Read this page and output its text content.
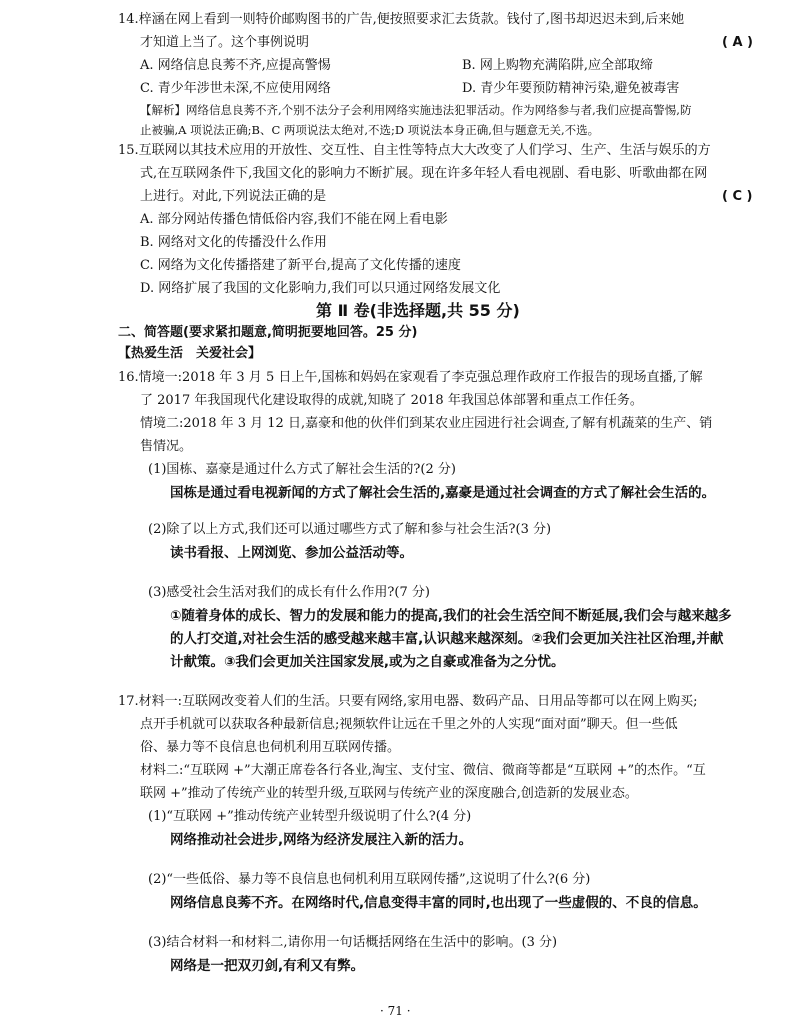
14.梓涵在网上看到一则特价邮购图书的广告,便按照要求汇去货款。钱付了,图书却迟迟未到,后来她
才知道上当了。这个事例说明	( A )
A. 网络信息良莠不齐,应提高警惕	B. 网上购物充满陷阱,应全部取缔
C. 青少年涉世未深,不应使用网络	D. 青少年要预防精神污染,避免被毒害
【解析】网络信息良莠不齐,个别不法分子会利用网络实施违法犯罪活动。作为网络参与者,我们应提高警惕,防
止被骗,A 项说法正确;B、C 两项说法太绝对,不选;D 项说法本身正确,但与题意无关,不选。
15.互联网以其技术应用的开放性、交互性、自主性等特点大大改变了人们学习、生产、生活与娱乐的方
式,在互联网条件下,我国文化的影响力不断扩展。现在许多年轻人看电视剧、看电影、听歌曲都在网
上进行。对此,下列说法正确的是	( C )
A. 部分网站传播色情低俗内容,我们不能在网上看电影
B. 网络对文化的传播没什么作用
C. 网络为文化传播搭建了新平台,提高了文化传播的速度
D. 网络扩展了我国的文化影响力,我们可以只通过网络发展文化
第 Ⅱ 卷(非选择题,共 55 分)
二、简答题(要求紧扣题意,简明扼要地回答。25 分)
【热爱生活　关爱社会】
16.情境一:2018 年 3 月 5 日上午,国栋和妈妈在家观看了李克强总理作政府工作报告的现场直播,了解
了 2017 年我国现代化建设取得的成就,知晓了 2018 年我国总体部署和重点工作任务。
情境二:2018 年 3 月 12 日,嘉豪和他的伙伴们到某农业庄园进行社会调查,了解有机蔬菜的生产、销
售情况。
(1)国栋、嘉豪是通过什么方式了解社会生活的?(2 分)
国栋是通过看电视新闻的方式了解社会生活的,嘉豪是通过社会调查的方式了解社会生活的。
(2)除了以上方式,我们还可以通过哪些方式了解和参与社会生活?(3 分)
读书看报、上网浏览、参加公益活动等。
(3)感受社会生活对我们的成长有什么作用?(7 分)
①随着身体的成长、智力的发展和能力的提高,我们的社会生活空间不断延展,我们会与越来越多
的人打交道,对社会生活的感受越来越丰富,认识越来越深刻。②我们会更加关注社区治理,并献
计献策。③我们会更加关注国家发展,或为之自豪或准备为之分忧。
17.材料一:互联网改变着人们的生活。只要有网络,家用电器、数码产品、日用品等都可以在网上购买;
点开手机就可以获取各种最新信息;视频软件让远在千里之外的人实现“面对面”聊天。但一些低
俗、暴力等不良信息也伺机利用互联网传播。
材料二:“互联网 +”大潮正席卷各行各业,淘宝、支付宝、微信、微商等都是“互联网 +”的杰作。“互
联网 +”推动了传统产业的转型升级,互联网与传统产业的深度融合,创造新的发展业态。
(1)“互联网 +”推动传统产业转型升级说明了什么?(4 分)
网络推动社会进步,网络为经济发展注入新的活力。
(2)“一些低俗、暴力等不良信息也伺机利用互联网传播”,这说明了什么?(6 分)
网络信息良莠不齐。在网络时代,信息变得丰富的同时,也出现了一些虚假的、不良的信息。
(3)结合材料一和材料二,请你用一句话概括网络在生活中的影响。(3 分)
网络是一把双刃剑,有利又有弊。
· 71 ·
